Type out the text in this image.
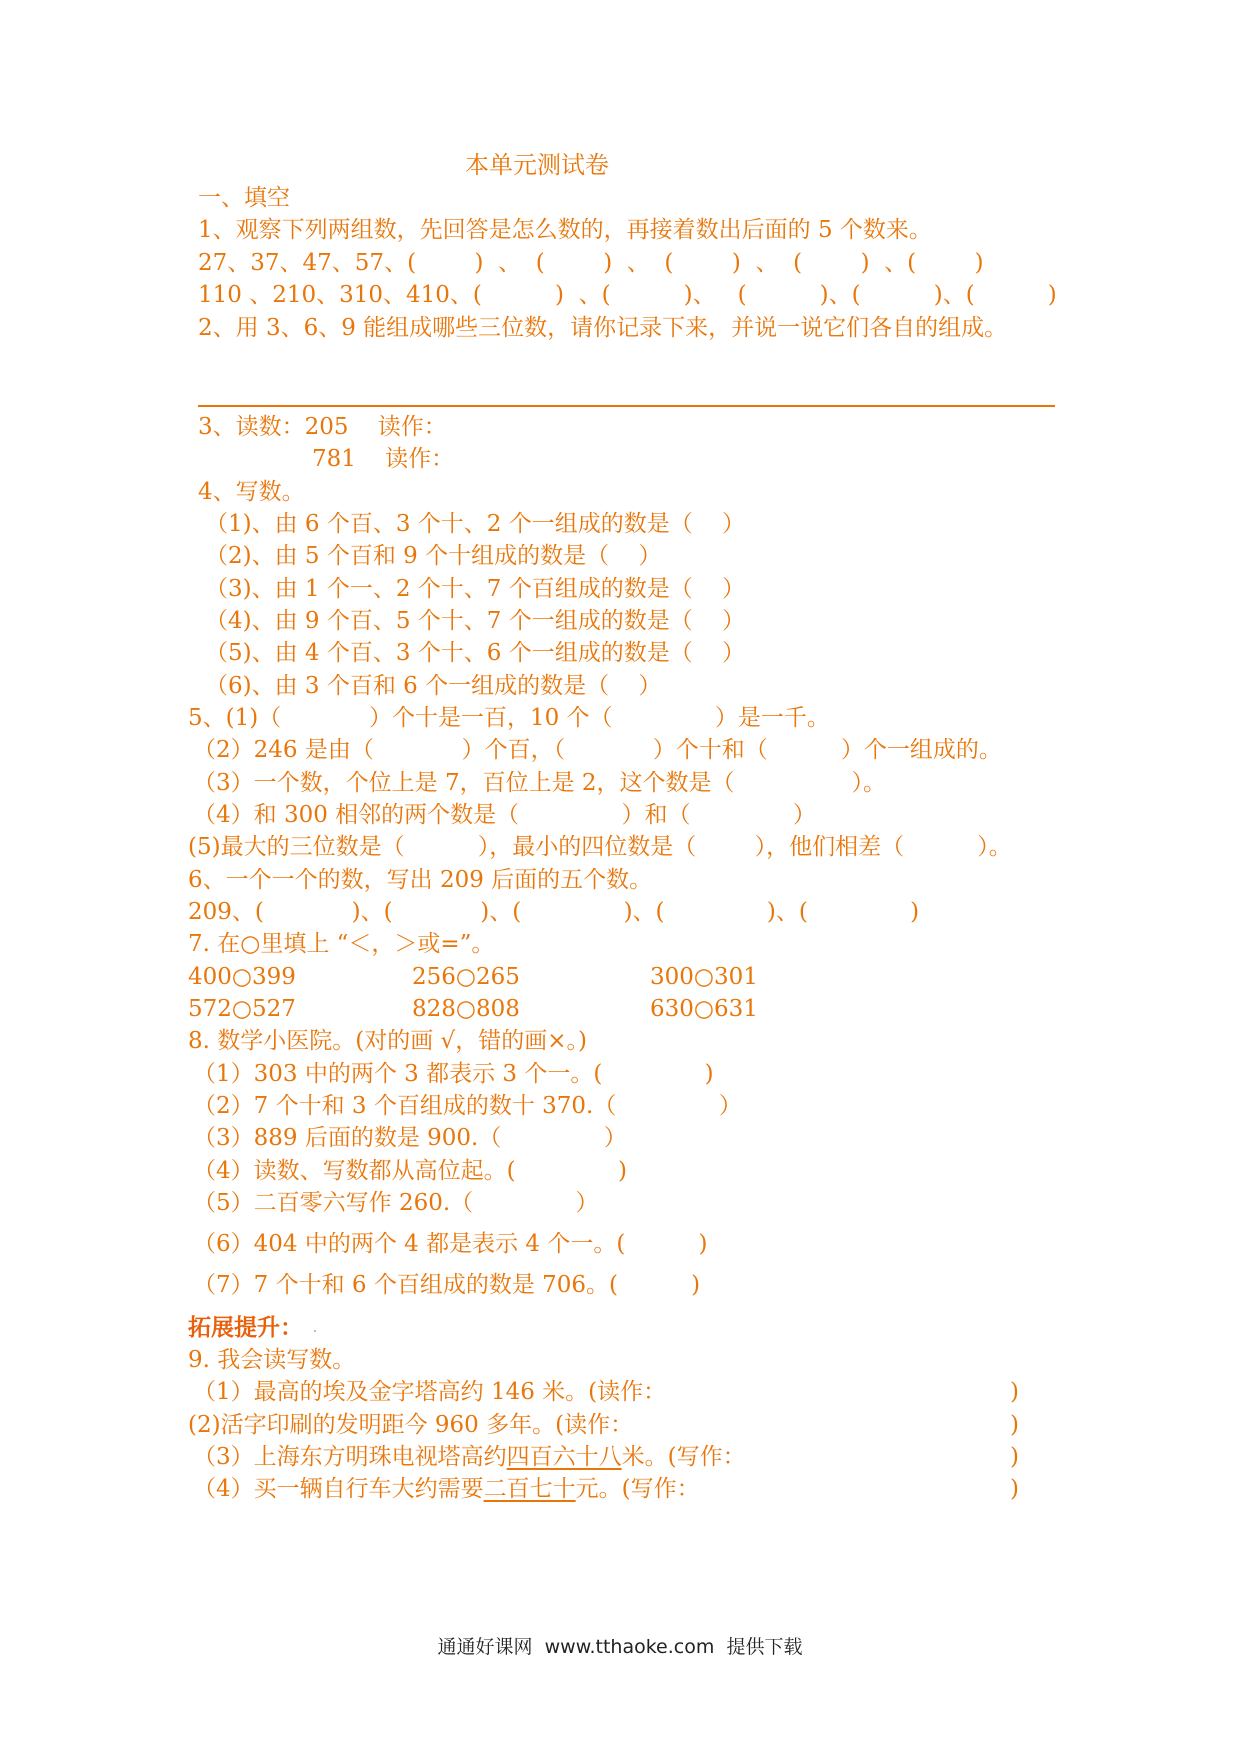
本单元测试卷
一、填空
1、观察下列两组数，先回答是怎么数的，再接着数出后面的 5 个数来。
27、37、47、57、(        )  、  (        )  、  (        )  、  (        )  、(        )
110 、210、310、410、(          )  、(          )、   (          )、(          )、(          )
2、用 3、6、9 能组成哪些三位数，请你记录下来，并说一说它们各自的组成。
3、读数：205    读作：
781    读作：
4、写数。
（1)、由 6 个百、3 个十、2 个一组成的数是（    ）
（2)、由 5 个百和 9 个十组成的数是（    ）
（3)、由 1 个一、2 个十、7 个百组成的数是（    ）
（4)、由 9 个百、5 个十、7 个一组成的数是（    ）
（5)、由 4 个百、3 个十、6 个一组成的数是（    ）
（6)、由 3 个百和 6 个一组成的数是（    ）
5、(1)（            ）个十是一百，10 个（              ）是一千。
（2）246 是由（            ）个百，（            ）个十和（          ）个一组成的。
（3）一个数，个位上是 7，百位上是 2，这个数是（                ）。
（4）和 300 相邻的两个数是（              ）和（              ）
(5)最大的三位数是（          ），最小的四位数是（        ），他们相差（          ）。
6、一个一个的数，写出 209 后面的五个数。
209、(            )、(            )、(              )、(              )、(              )
7. 在○里填上 “＜，＞或=”。
400○399	256○265	300○301
572○527	828○808	630○631
8. 数学小医院。(对的画 √，错的画×。)
（1）303 中的两个 3 都表示 3 个一。(              )
（2）7 个十和 3 个百组成的数十 370.（              ）
（3）889 后面的数是 900.（              ）
（4）读数、写数都从高位起。(              )
（5）二百零六写作 260.（              ）
（6）404 中的两个 4 都是表示 4 个一。(          )
（7）7 个十和 6 个百组成的数是 706。(          )
拓展提升：
9. 我会读写数。
（1）最高的埃及金字塔高约 146 米。(读作：	)
(2)活字印刷的发明距今 960 多年。(读作：	)
（3）上海东方明珠电视塔高约四百六十八米。(写作：	)
（4）买一辆自行车大约需要二百七十元。(写作：	)
通通好课网  www.tthaoke.com  提供下载
